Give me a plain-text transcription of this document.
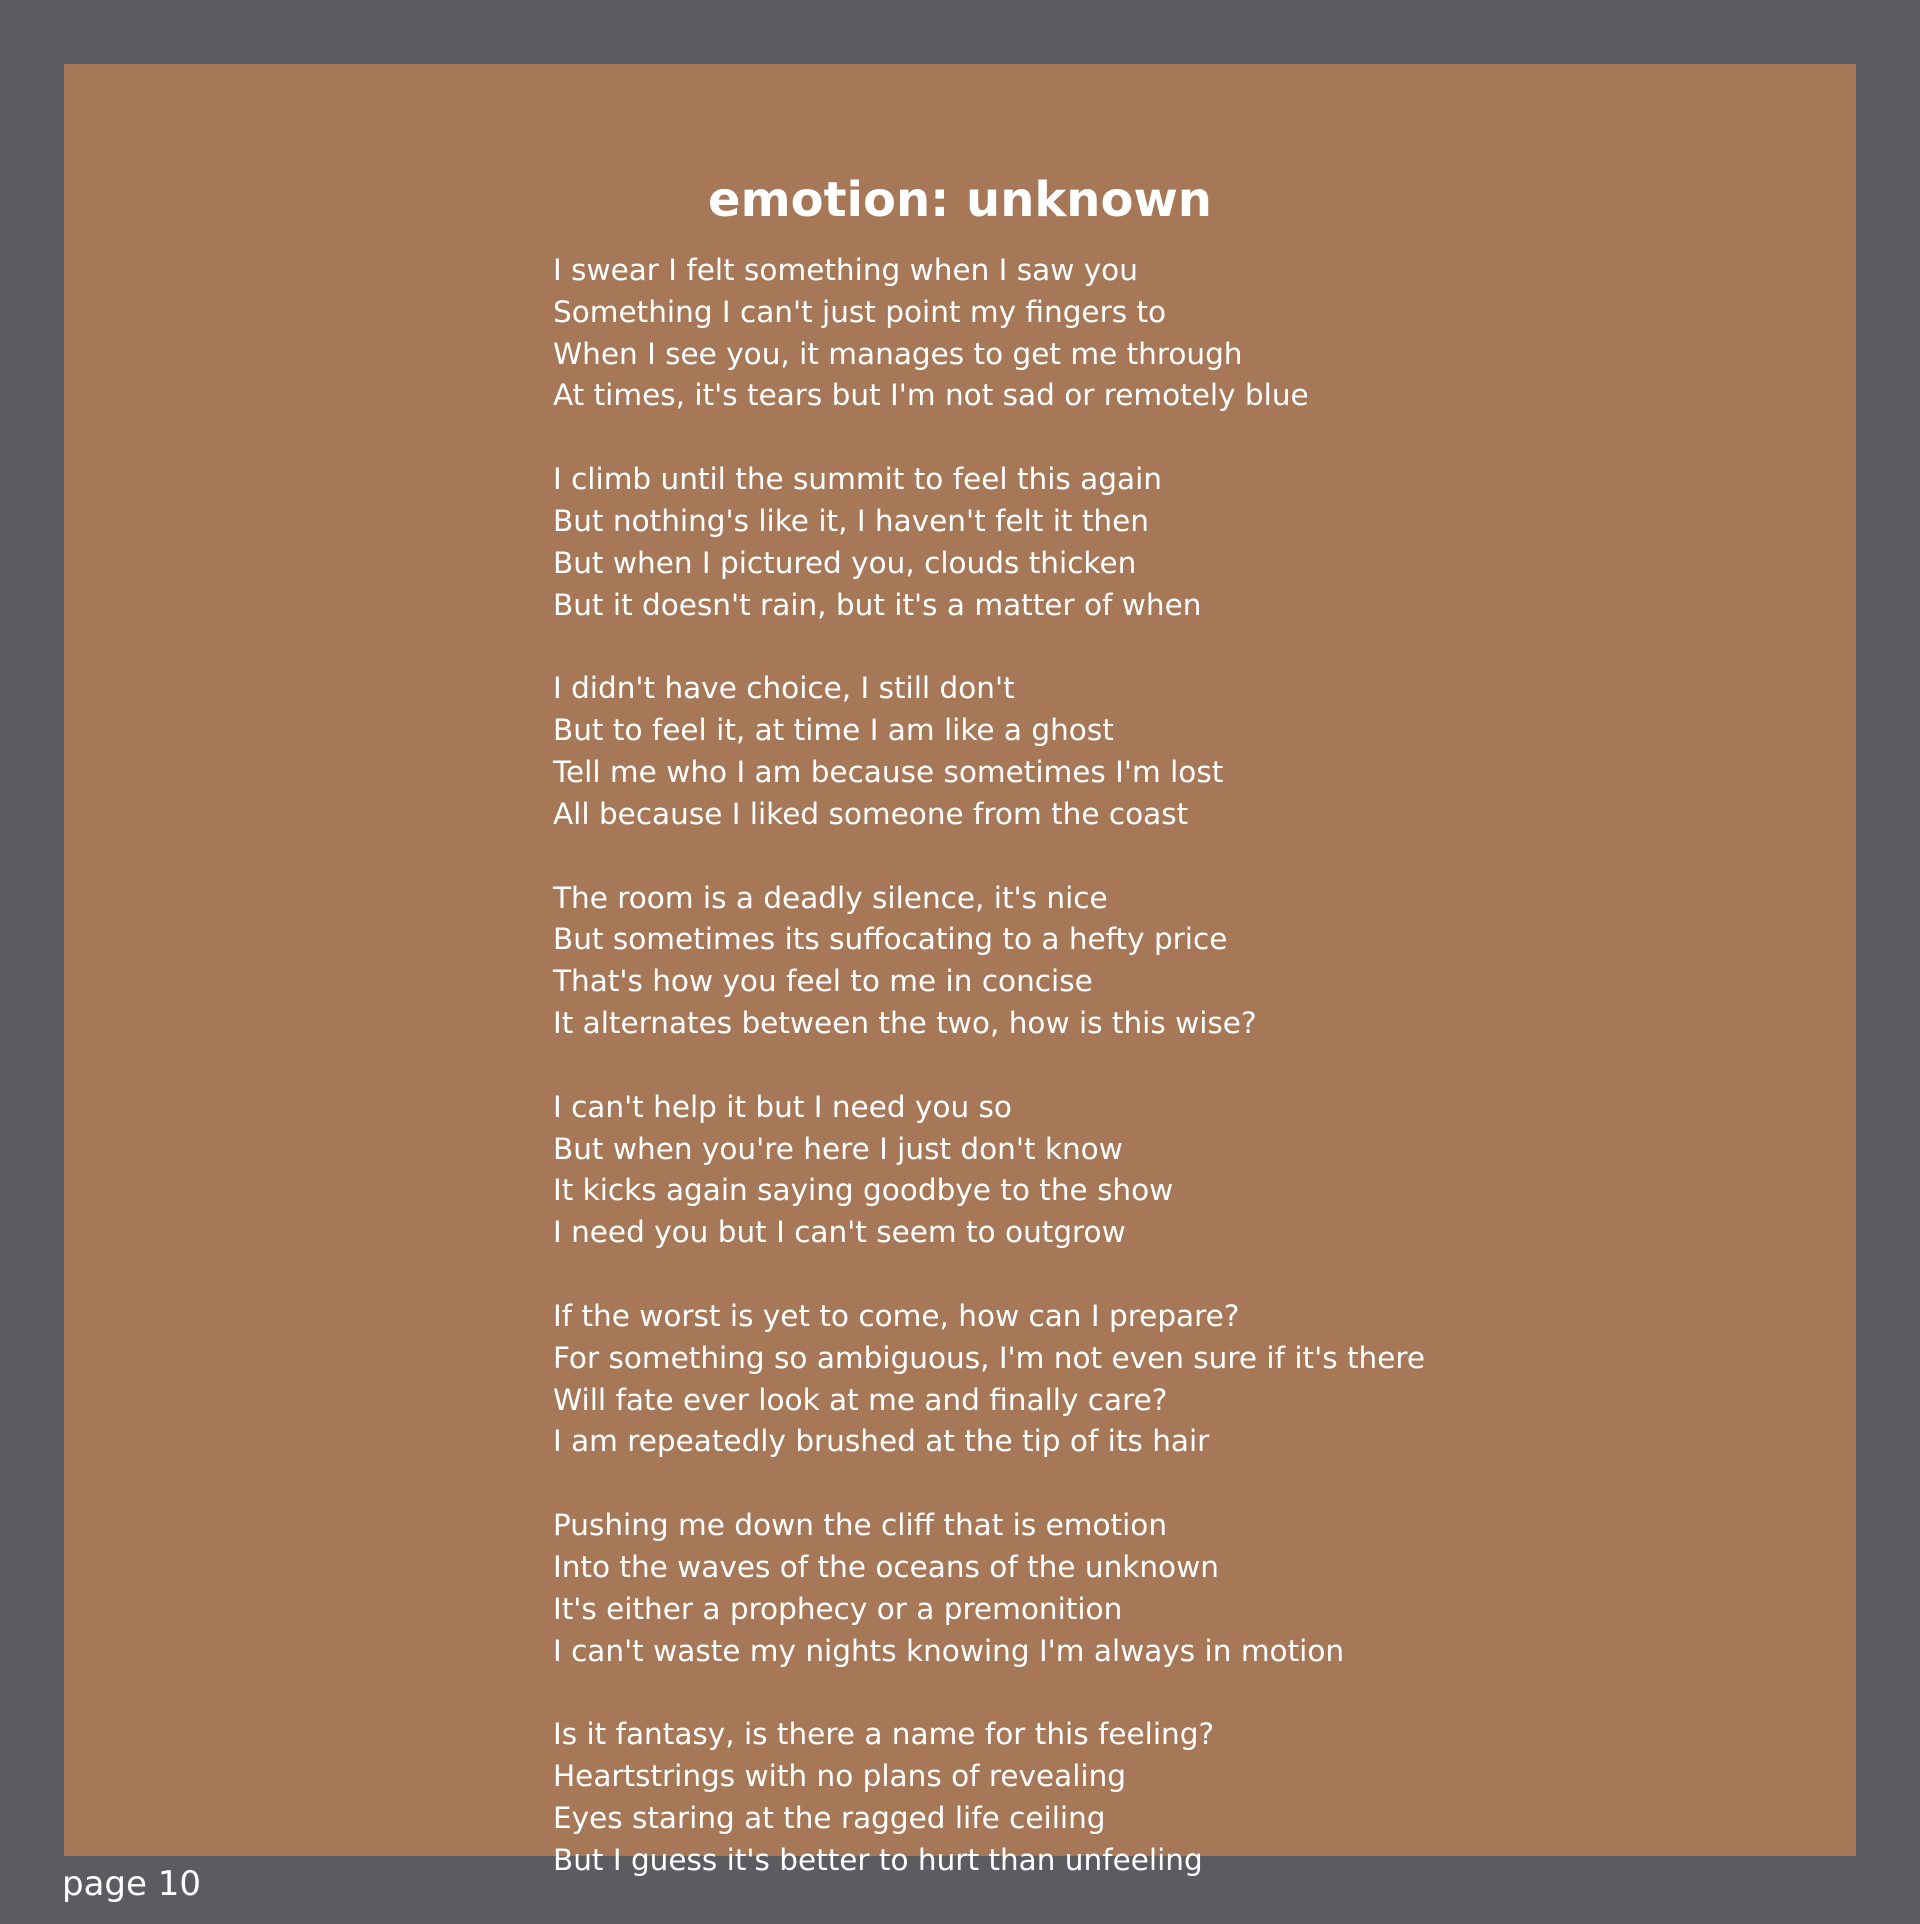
emotion: unknown
I swear I felt something when I saw you
Something I can't just point my fingers to
When I see you, it manages to get me through
At times, it's tears but I'm not sad or remotely blue
I climb until the summit to feel this again
But nothing's like it, I haven't felt it then
But when I pictured you, clouds thicken
But it doesn't rain, but it's a matter of when
I didn't have choice, I still don't
But to feel it, at time I am like a ghost
Tell me who I am because sometimes I'm lost
All because I liked someone from the coast
The room is a deadly silence, it's nice
But sometimes its suffocating to a hefty price
That's how you feel to me in concise
It alternates between the two, how is this wise?
I can't help it but I need you so
But when you're here I just don't know
It kicks again saying goodbye to the show
I need you but I can't seem to outgrow
If the worst is yet to come, how can I prepare?
For something so ambiguous, I'm not even sure if it's there
Will fate ever look at me and finally care?
I am repeatedly brushed at the tip of its hair
Pushing me down the cliff that is emotion
Into the waves of the oceans of the unknown
It's either a prophecy or a premonition
I can't waste my nights knowing I'm always in motion
Is it fantasy, is there a name for this feeling?
Heartstrings with no plans of revealing
Eyes staring at the ragged life ceiling
But I guess it's better to hurt than unfeeling
page 10
